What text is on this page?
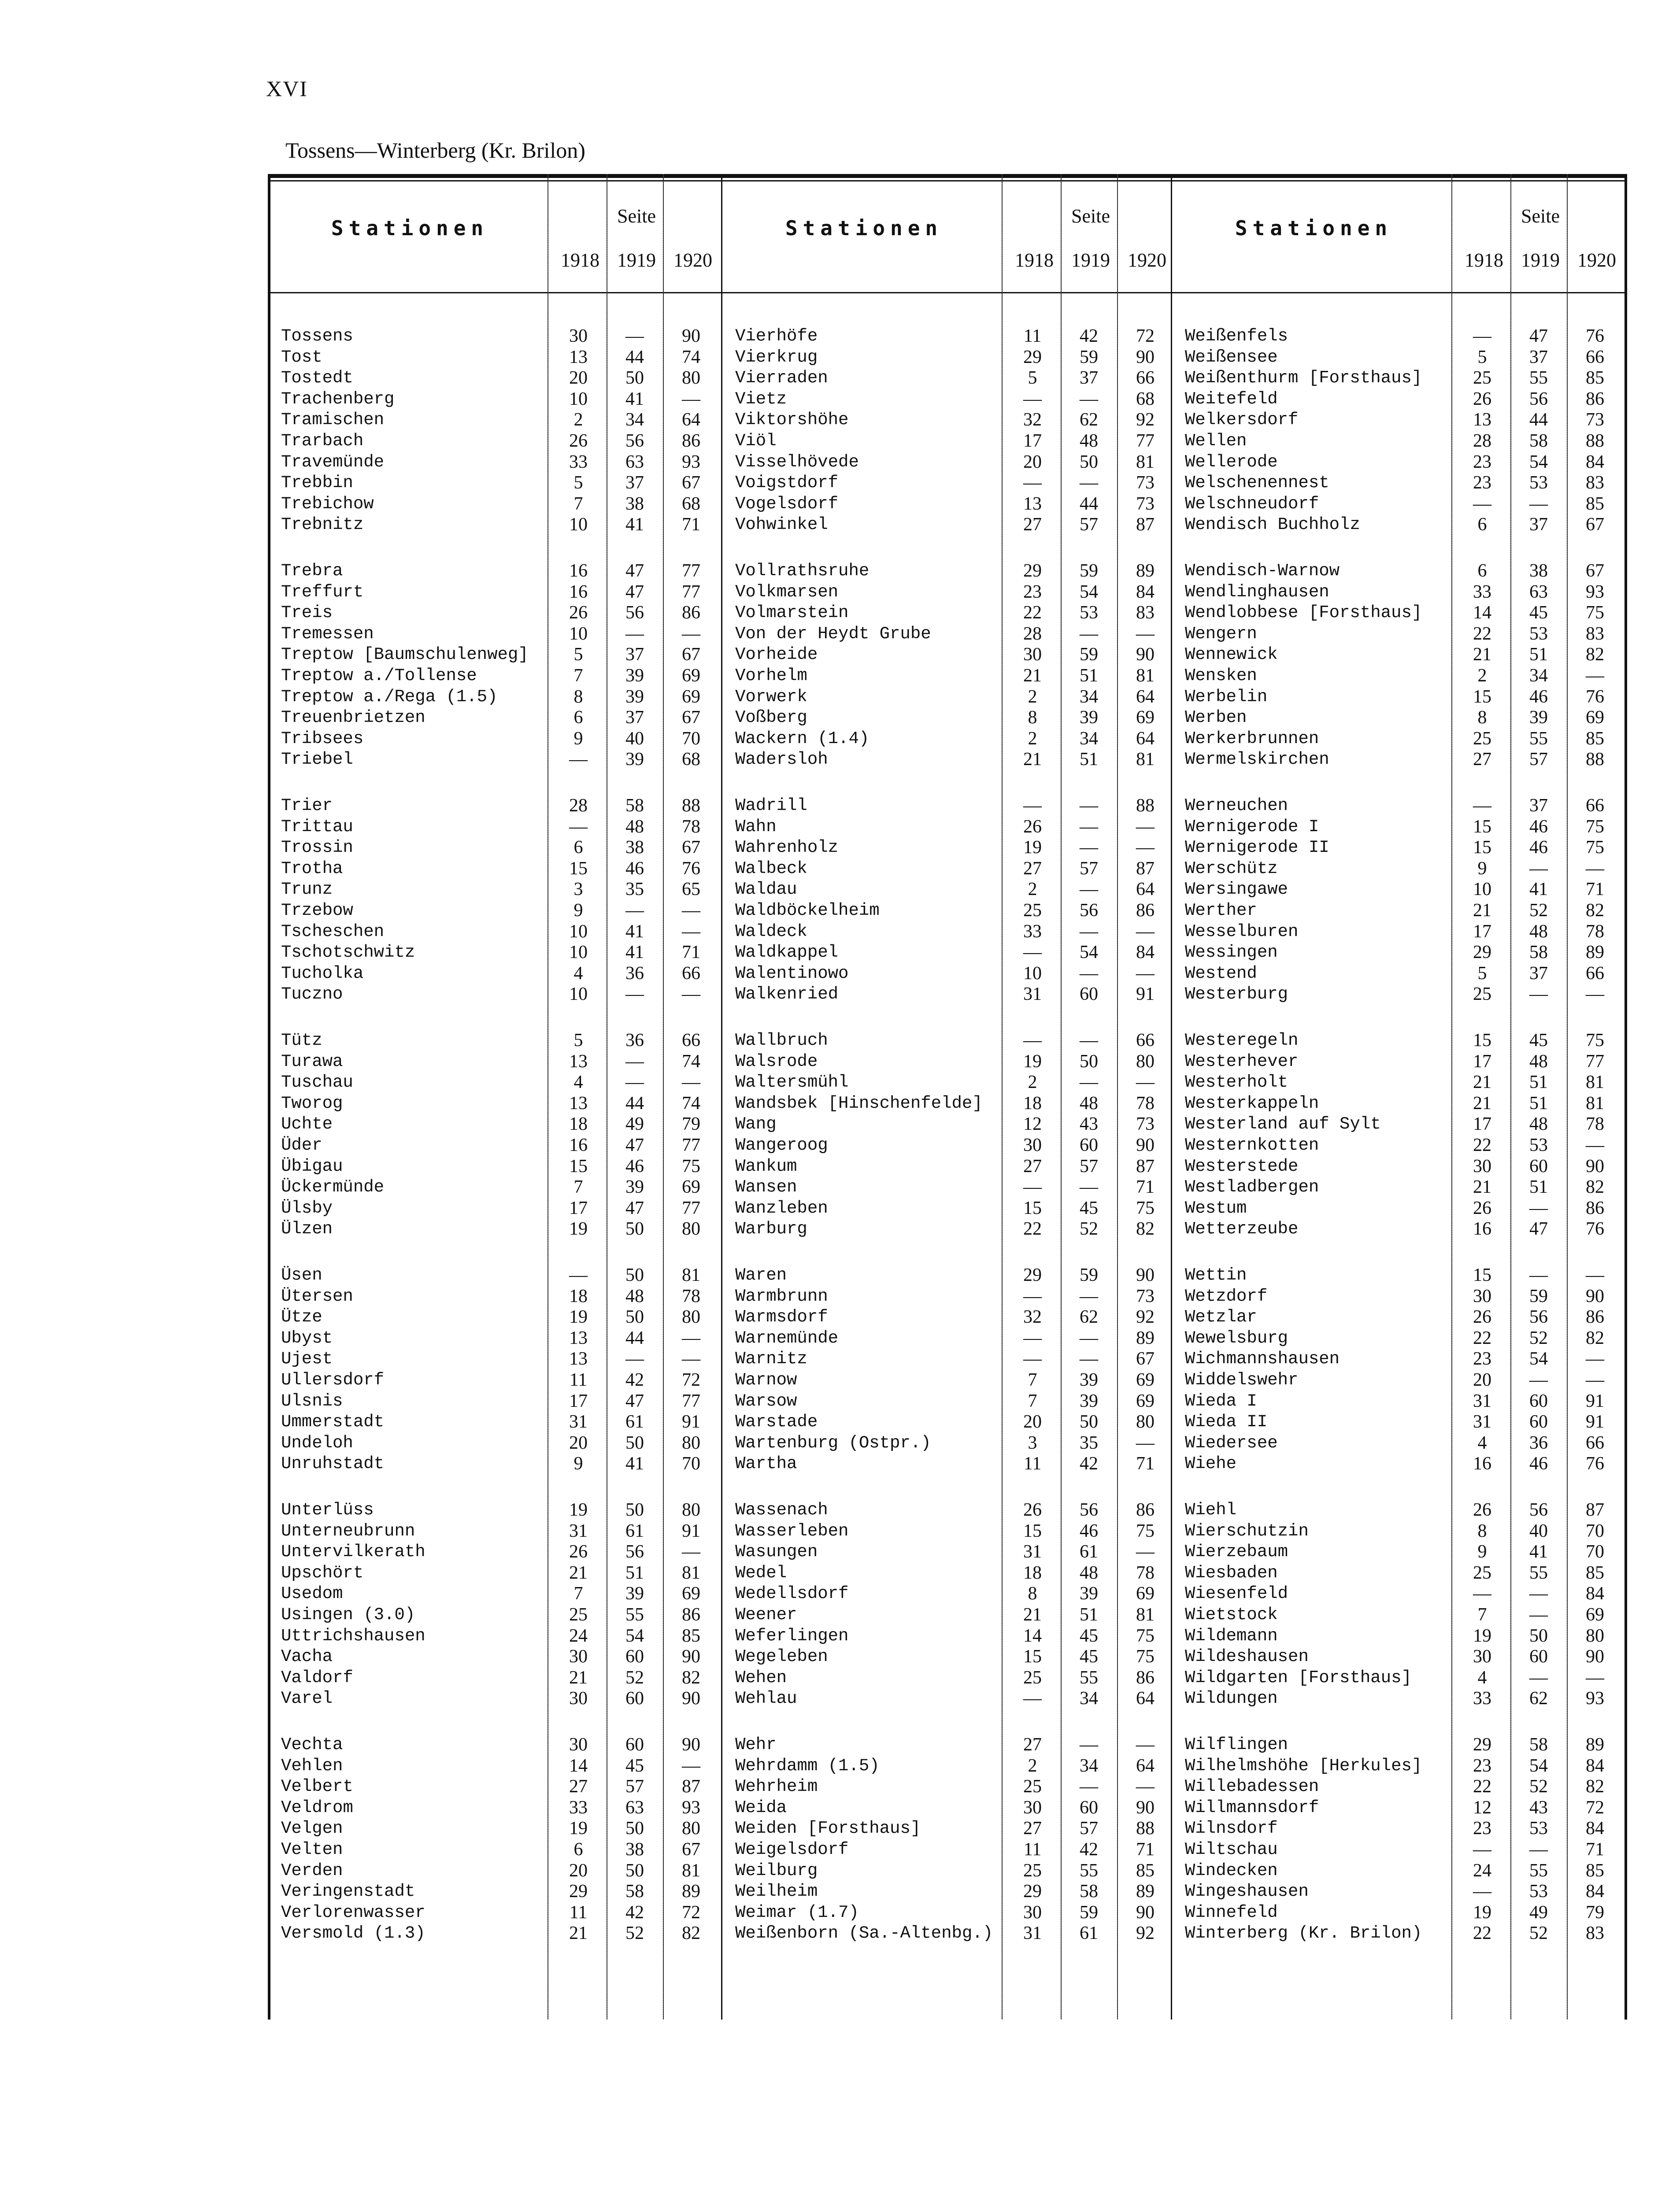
XVI
Tossens—Winterberg (Kr. Brilon)
Stationen
Seite
1918 1919 1920
Tossens	30	—	90
Tost	13	44	74
Tostedt	20	50	80
Trachenberg	10	41	—
Tramischen	2	34	64
Trarbach	26	56	86
Travemünde	33	63	93
Trebbin	5	37	67
Trebichow	7	38	68
Trebnitz	10	41	71
Trebra	16	47	77
Treffurt	16	47	77
Treis	26	56	86
Tremessen	10	—	—
Treptow [Baumschulenweg]	5	37	67
Treptow a./Tollense	7	39	69
Treptow a./Rega (1.5)	8	39	69
Treuenbrietzen	6	37	67
Tribsees	9	40	70
Triebel	—	39	68
Trier	28	58	88
Trittau	—	48	78
Trossin	6	38	67
Trotha	15	46	76
Trunz	3	35	65
Trzebow	9	—	—
Tscheschen	10	41	—
Tschotschwitz	10	41	71
Tucholka	4	36	66
Tuczno	10	—	—
Tütz	5	36	66
Turawa	13	—	74
Tuschau	4	—	—
Tworog	13	44	74
Uchte	18	49	79
Üder	16	47	77
Übigau	15	46	75
Ückermünde	7	39	69
Ülsby	17	47	77
Ülzen	19	50	80
Üsen	—	50	81
Ütersen	18	48	78
Ütze	19	50	80
Ubyst	13	44	—
Ujest	13	—	—
Ullersdorf	11	42	72
Ulsnis	17	47	77
Ummerstadt	31	61	91
Undeloh	20	50	80
Unruhstadt	9	41	70
Unterlüss	19	50	80
Unterneubrunn	31	61	91
Untervilkerath	26	56	—
Upschört	21	51	81
Usedom	7	39	69
Usingen (3.0)	25	55	86
Uttrichshausen	24	54	85
Vacha	30	60	90
Valdorf	21	52	82
Varel	30	60	90
Vechta	30	60	90
Vehlen	14	45	—
Velbert	27	57	87
Veldrom	33	63	93
Velgen	19	50	80
Velten	6	38	67
Verden	20	50	81
Veringenstadt	29	58	89
Verlorenwasser	11	42	72
Versmold (1.3)	21	52	82
Stationen
Seite
1918 1919 1920
Vierhöfe	11	42	72
Vierkrug	29	59	90
Vierraden	5	37	66
Vietz	—	—	68
Viktorshöhe	32	62	92
Viöl	17	48	77
Visselhövede	20	50	81
Voigstdorf	—	—	73
Vogelsdorf	13	44	73
Vohwinkel	27	57	87
Vollrathsruhe	29	59	89
Volkmarsen	23	54	84
Volmarstein	22	53	83
Von der Heydt Grube	28	—	—
Vorheide	30	59	90
Vorhelm	21	51	81
Vorwerk	2	34	64
Voßberg	8	39	69
Wackern (1.4)	2	34	64
Wadersloh	21	51	81
Wadrill	—	—	88
Wahn	26	—	—
Wahrenholz	19	—	—
Walbeck	27	57	87
Waldau	2	—	64
Waldböckelheim	25	56	86
Waldeck	33	—	—
Waldkappel	—	54	84
Walentinowo	10	—	—
Walkenried	31	60	91
Wallbruch	—	—	66
Walsrode	19	50	80
Waltersmühl	2	—	—
Wandsbek [Hinschenfelde]	18	48	78
Wang	12	43	73
Wangeroog	30	60	90
Wankum	27	57	87
Wansen	—	—	71
Wanzleben	15	45	75
Warburg	22	52	82
Waren	29	59	90
Warmbrunn	—	—	73
Warmsdorf	32	62	92
Warnemünde	—	—	89
Warnitz	—	—	67
Warnow	7	39	69
Warsow	7	39	69
Warstade	20	50	80
Wartenburg (Ostpr.)	3	35	—
Wartha	11	42	71
Wassenach	26	56	86
Wasserleben	15	46	75
Wasungen	31	61	—
Wedel	18	48	78
Wedellsdorf	8	39	69
Weener	21	51	81
Weferlingen	14	45	75
Wegeleben	15	45	75
Wehen	25	55	86
Wehlau	—	34	64
Wehr	27	—	—
Wehrdamm (1.5)	2	34	64
Wehrheim	25	—	—
Weida	30	60	90
Weiden [Forsthaus]	27	57	88
Weigelsdorf	11	42	71
Weilburg	25	55	85
Weilheim	29	58	89
Weimar (1.7)	30	59	90
Weißenborn (Sa.-Altenbg.)	31	61	92
Stationen
Seite
1918 1919 1920
Weißenfels	—	47	76
Weißensee	5	37	66
Weißenthurm [Forsthaus]	25	55	85
Weitefeld	26	56	86
Welkersdorf	13	44	73
Wellen	28	58	88
Wellerode	23	54	84
Welschenennest	23	53	83
Welschneudorf	—	—	85
Wendisch Buchholz	6	37	67
Wendisch-Warnow	6	38	67
Wendlinghausen	33	63	93
Wendlobbese [Forsthaus]	14	45	75
Wengern	22	53	83
Wennewick	21	51	82
Wensken	2	34	—
Werbelin	15	46	76
Werben	8	39	69
Werkerbrunnen	25	55	85
Wermelskirchen	27	57	88
Werneuchen	—	37	66
Wernigerode I	15	46	75
Wernigerode II	15	46	75
Werschütz	9	—	—
Wersingawe	10	41	71
Werther	21	52	82
Wesselburen	17	48	78
Wessingen	29	58	89
Westend	5	37	66
Westerburg	25	—	—
Westeregeln	15	45	75
Westerhever	17	48	77
Westerholt	21	51	81
Westerkappeln	21	51	81
Westerland auf Sylt	17	48	78
Westernkotten	22	53	—
Westerstede	30	60	90
Westladbergen	21	51	82
Westum	26	—	86
Wetterzeube	16	47	76
Wettin	15	—	—
Wetzdorf	30	59	90
Wetzlar	26	56	86
Wewelsburg	22	52	82
Wichmannshausen	23	54	—
Widdelswehr	20	—	—
Wieda I	31	60	91
Wieda II	31	60	91
Wiedersee	4	36	66
Wiehe	16	46	76
Wiehl	26	56	87
Wierschutzin	8	40	70
Wierzebaum	9	41	70
Wiesbaden	25	55	85
Wiesenfeld	—	—	84
Wietstock	7	—	69
Wildemann	19	50	80
Wildeshausen	30	60	90
Wildgarten [Forsthaus]	4	—	—
Wildungen	33	62	93
Wilflingen	29	58	89
Wilhelmshöhe [Herkules]	23	54	84
Willebadessen	22	52	82
Willmannsdorf	12	43	72
Wilnsdorf	23	53	84
Wiltschau	—	—	71
Windecken	24	55	85
Wingeshausen	—	53	84
Winnefeld	19	49	79
Winterberg (Kr. Brilon)	22	52	83
